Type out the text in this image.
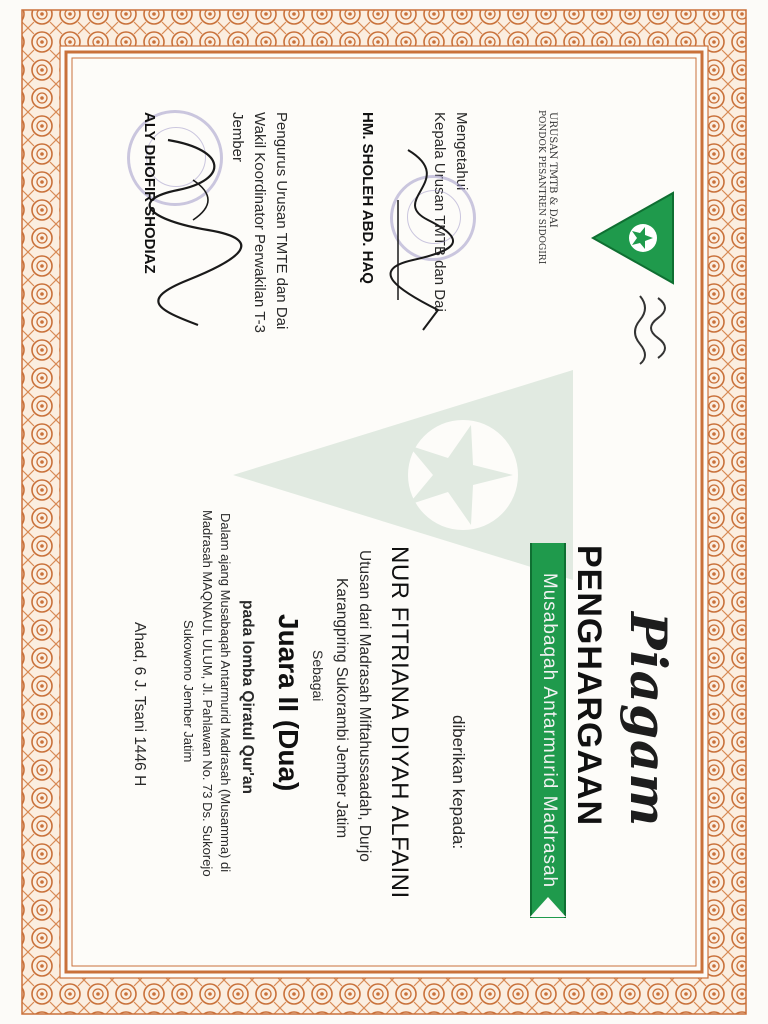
URUSAN TMTB & DAI
PONDOK PESANTREN SIDOGIRI
Piagam
PENGHARGAAN
Musabaqah Antarmurid Madrasah
diberikan kepada:
NUR FITRIANA DIYAH ALFAINI
Utusan dari Madrasah Miftahussaadah, Durjo
Karangpring Sukorambi Jember Jatim
Sebagai
Juara II (Dua)
pada lomba Qiratul Qur'an
Dalam ajang Musabaqah Antarmurid Madrasah (Musamma) di
Madrasah MAQNAUL ULUM, Jl. Pahlawan No. 73 Ds. Sukorejo
Sukowono Jember Jatim
Ahad, 6 J. Tsani 1446 H
Mengetahui
Kepala Urusan TMTB dan Dai
HM. SHOLEH ABD. HAQ
Pengurus Urusan TMTE dan Dai
Wakil Koordinator Perwakilan T-3
Jember
ALY DHOFIR SHODIAZ
